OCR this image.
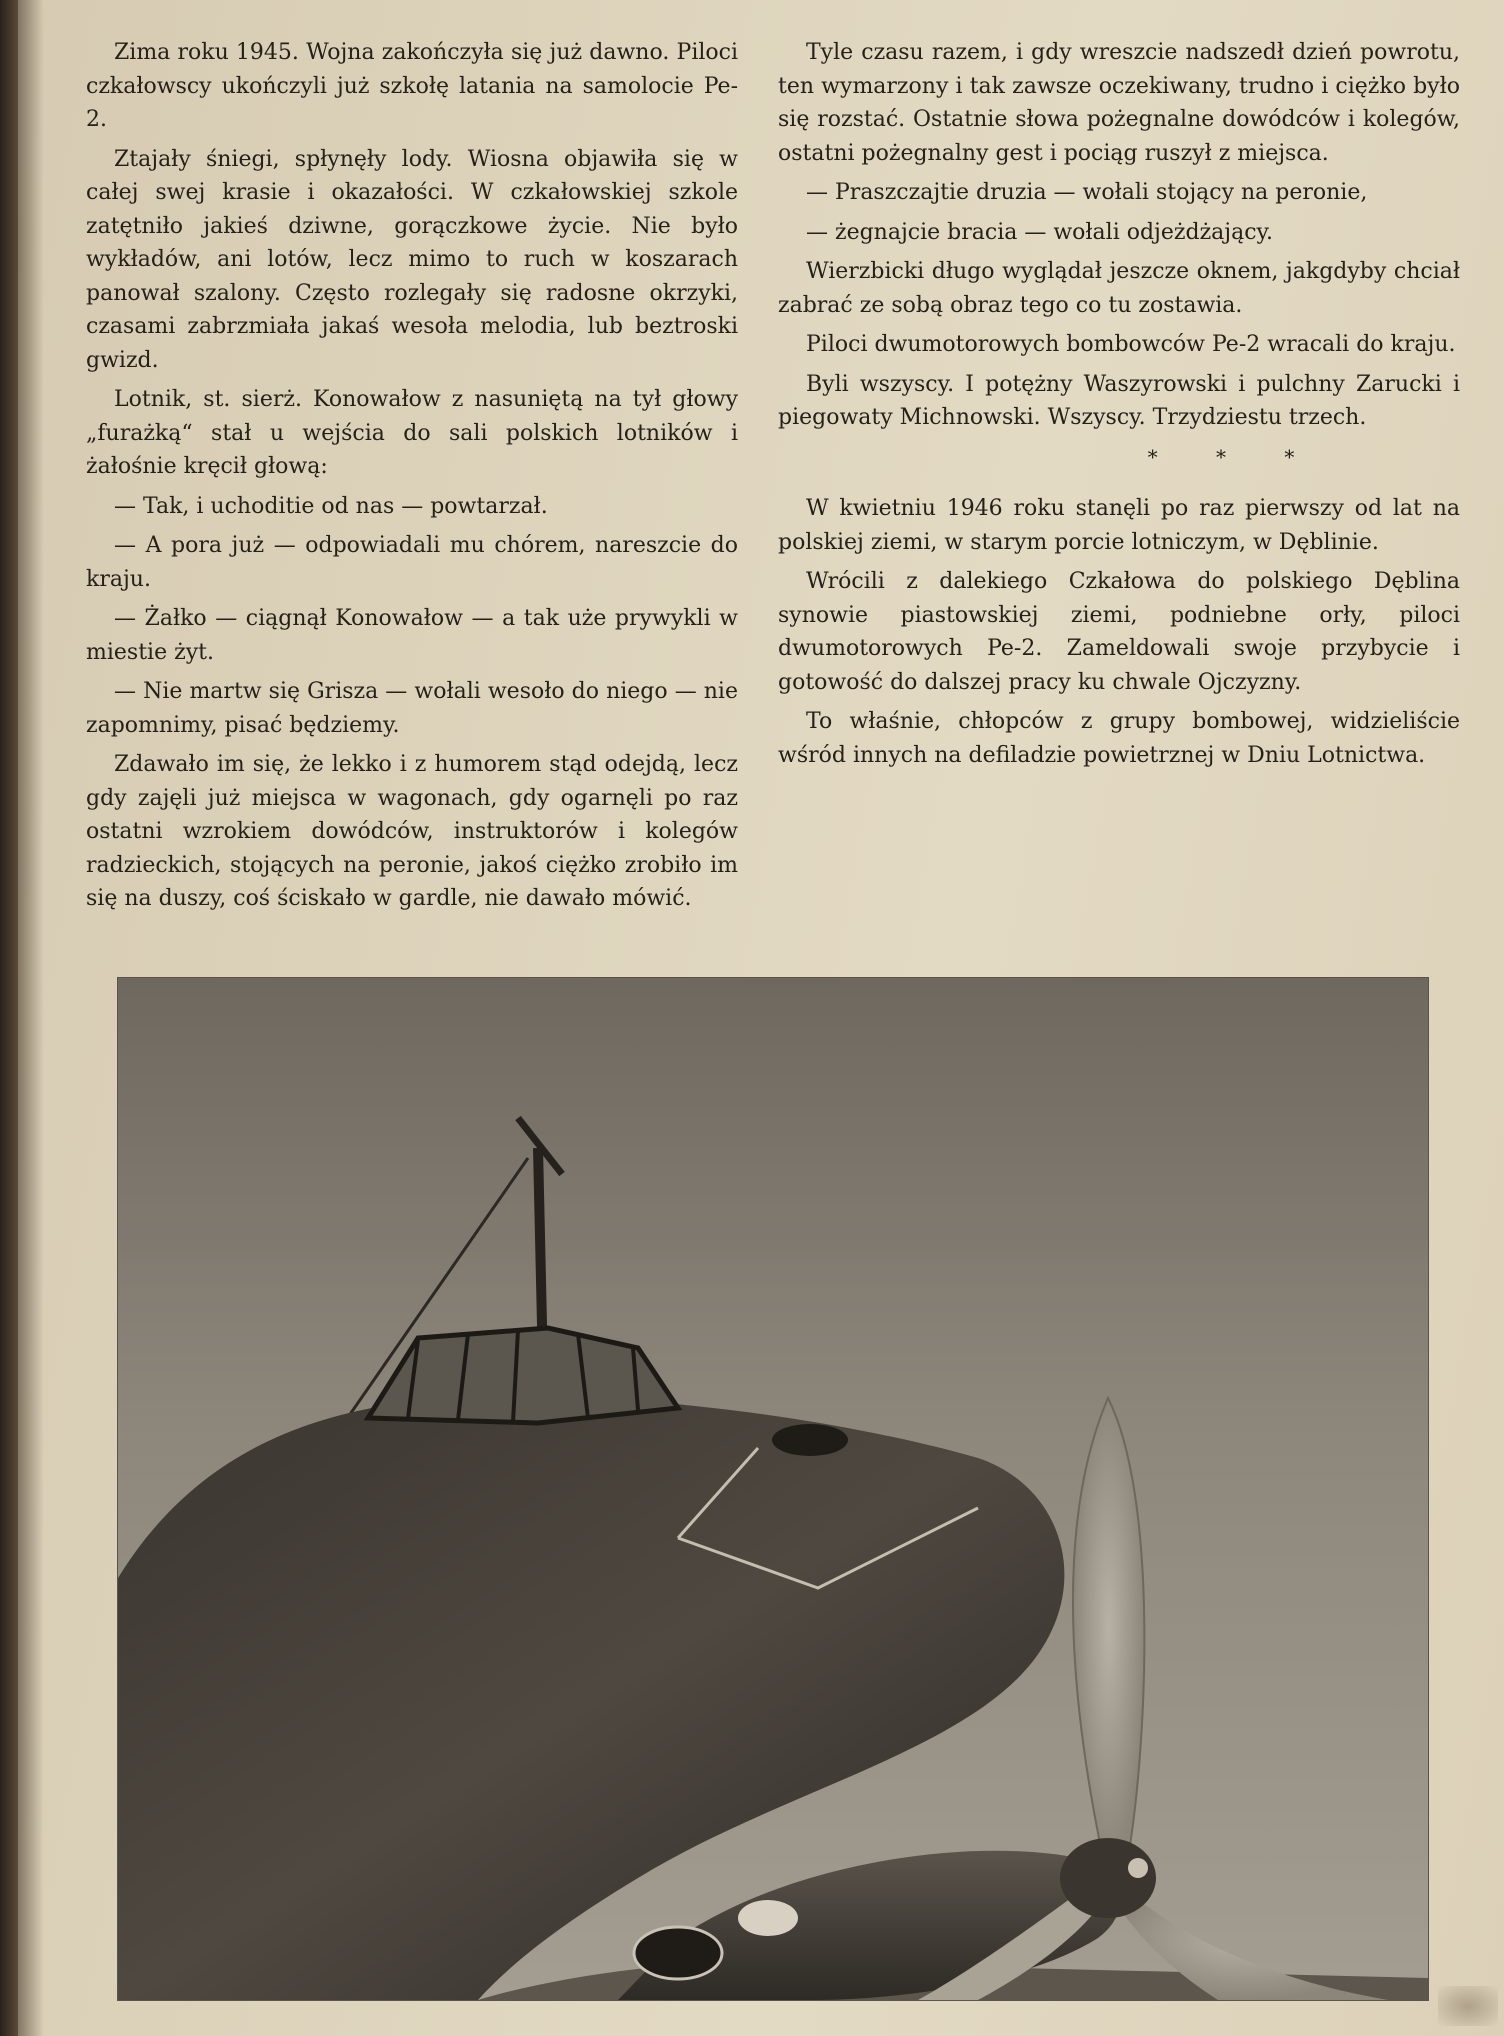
Zima roku 1945. Wojna zakończyła się już dawno. Piloci czkałowscy ukończyli już szkołę latania na samolocie Pe-2.

Ztajały śniegi, spłynęły lody. Wiosna objawiła się w całej swej krasie i okazałości. W czkałowskiej szkole zatętniło jakieś dziwne, gorączkowe życie. Nie było wykładów, ani lotów, lecz mimo to ruch w koszarach panował szalony. Często rozlegały się radosne okrzyki, czasami zabrzmiała jakaś wesoła melodia, lub beztroski gwizd.

Lotnik, st. sierż. Konowałow z nasuniętą na tył głowy „furażką“ stał u wejścia do sali polskich lotników i żałośnie kręcił głową:

— Tak, i uchoditie od nas — powtarzał.

— A pora już — odpowiadali mu chórem, nareszcie do kraju.

— Żałko — ciągnął Konowałow — a tak uże prywykli w miestie żyt.

— Nie martw się Grisza — wołali wesoło do niego — nie zapomnimy, pisać będziemy.

Zdawało im się, że lekko i z humorem stąd odejdą, lecz gdy zajęli już miejsca w wagonach, gdy ogarnęli po raz ostatni wzrokiem dowódców, instruktorów i kolegów radzieckich, stojących na peronie, jakoś ciężko zrobiło im się na duszy, coś ściskało w gardle, nie dawało mówić.

Tyle czasu razem, i gdy wreszcie nadszedł dzień powrotu, ten wymarzony i tak zawsze oczekiwany, trudno i ciężko było się rozstać. Ostatnie słowa pożegnalne dowódców i kolegów, ostatni pożegnalny gest i pociąg ruszył z miejsca.

— Praszczajtie druzia — wołali stojący na peronie,

— żegnajcie bracia — wołali odjeżdżający.

Wierzbicki długo wyglądał jeszcze oknem, jakgdyby chciał zabrać ze sobą obraz tego co tu zostawia.

Piloci dwumotorowych bombowców Pe-2 wracali do kraju.

Byli wszyscy. I potężny Waszyrowski i pulchny Zarucki i piegowaty Michnowski. Wszyscy. Trzydziestu trzech.

* * *

W kwietniu 1946 roku stanęli po raz pierwszy od lat na polskiej ziemi, w starym porcie lotniczym, w Dęblinie.

Wrócili z dalekiego Czkałowa do polskiego Dęblina synowie piastowskiej ziemi, podniebne orły, piloci dwumotorowych Pe-2. Zameldowali swoje przybycie i gotowość do dalszej pracy ku chwale Ojczyzny.

To właśnie, chłopców z grupy bombowej, widzieliście wśród innych na defiladzie powietrznej w Dniu Lotnictwa.
